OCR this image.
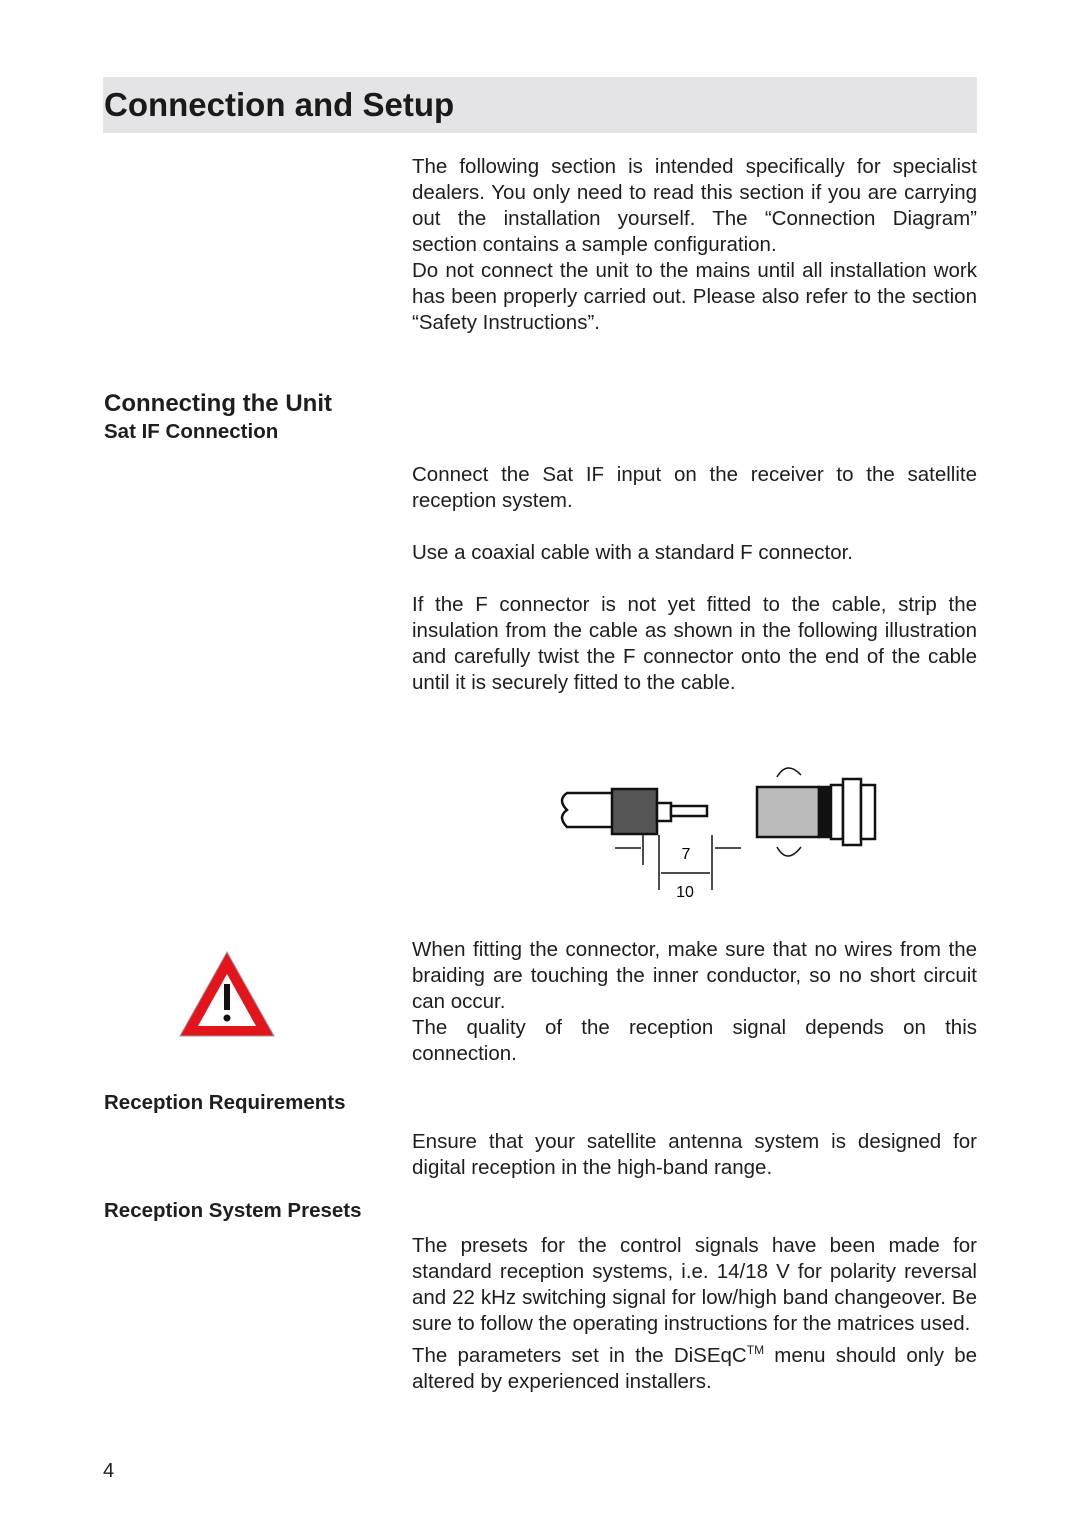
Connection and Setup
The following section is intended specifically for specialist dealers. You only need to read this section if you are carrying out the installation yourself. The “Connection Diagram” section contains a sample configuration.
Do not connect the unit to the mains until all installation work has been properly carried out. Please also refer to the section “Safety Instructions”.
Connecting the Unit
Sat IF Connection

Connect the Sat IF input on the receiver to the satellite reception system.

Use a coaxial cable with a standard F connector.

If the F connector is not yet fitted to the cable, strip the insulation from the cable as shown in the following illustration and carefully twist the F connector onto the end of the cable until it is securely fitted to the cable.

7
10
When fitting the connector, make sure that no wires from the braiding are touching the inner conductor, so no short circuit can occur.
The quality of the reception signal depends on this connection.
Reception Requirements

Ensure that your satellite antenna system is designed for digital reception in the high-band range.

Reception System Presets
The presets for the control signals have been made for standard reception systems, i.e. 14/18 V for polarity reversal and 22 kHz switching signal for low/high band changeover. Be sure to follow the operating instructions for the matrices used.
The parameters set in the DiSEqC™ menu should only be altered by experienced installers.
4
